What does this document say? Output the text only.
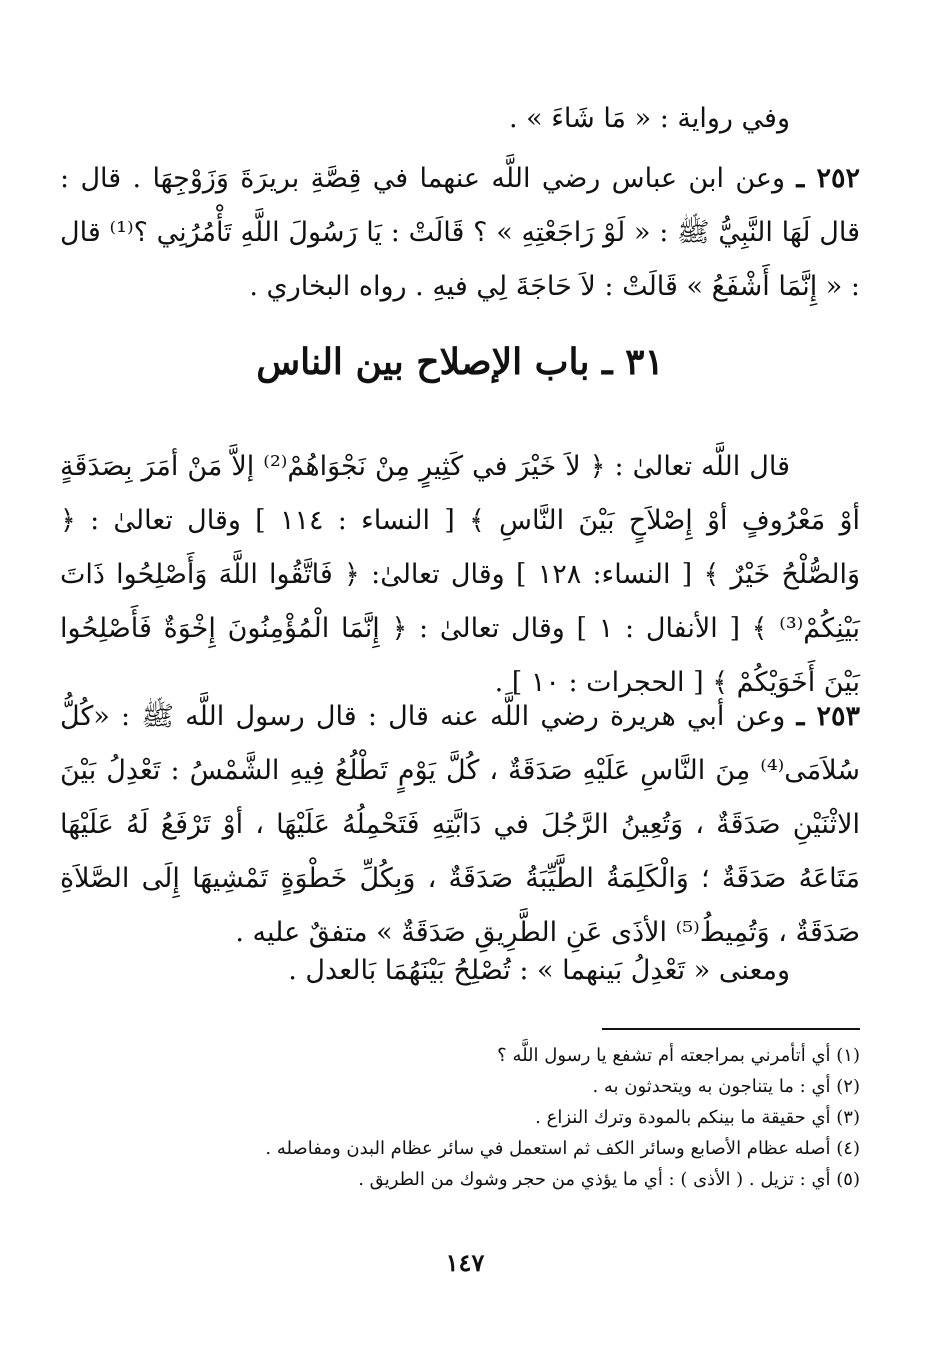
وفي رواية : « مَا شَاءَ » .
٢٥٢ ـ وعن ابن عباس رضي اللَّه عنهما في قِصَّةِ بريرَةَ وَزَوْجِهَا . قال : قال لَهَا النَّبِيُّ ﷺ : « لَوْ رَاجَعْتِهِ » ؟ قَالَتْ : يَا رَسُولَ اللَّهِ تَأْمُرُنِي ؟⁽¹⁾ قال : « إِنَّمَا أَشْفَعُ » قَالَتْ : لاَ حَاجَةَ لِي فيهِ . رواه البخاري .
٣١ ـ باب الإصلاح بين الناس
قال اللَّه تعالىٰ : ﴿ لاَ خَيْرَ في كَثِيرٍ مِنْ نَجْوَاهُمْ⁽²⁾ إلاَّ مَنْ أمَرَ بِصَدَقَةٍ أوْ مَعْرُوفٍ أوْ إِصْلاَحٍ بَيْنَ النَّاسِ ﴾ [ النساء : ١١٤ ] وقال تعالىٰ : ﴿ وَالصُّلْحُ خَيْرٌ ﴾ [ النساء: ١٢٨ ] وقال تعالىٰ: ﴿ فَاتَّقُوا اللَّهَ وَأَصْلِحُوا ذَاتَ بَيْنِكُمْ⁽³⁾ ﴾ [ الأنفال : ١ ] وقال تعالىٰ : ﴿ إِنَّمَا الْمُؤْمِنُونَ إِخْوَةٌ فَأَصْلِحُوا بَيْنَ أَخَوَيْكُمْ ﴾ [ الحجرات : ١٠ ] .
٢٥٣ ـ وعن أبي هريرة رضي اللَّه عنه قال : قال رسول اللَّه ﷺ : «كُلُّ سُلاَمَى⁽⁴⁾ مِنَ النَّاسِ عَلَيْهِ صَدَقَةٌ ، كُلَّ يَوْمٍ تَطْلُعُ فِيهِ الشَّمْسُ : تَعْدِلُ بَيْنَ الاثْنَيْنِ صَدَقَةٌ ، وَتُعِينُ الرَّجُلَ في دَابَّتِهِ فَتَحْمِلُهُ عَلَيْهَا ، أوْ تَرْفَعُ لَهُ عَلَيْهَا مَتَاعَهُ صَدَقَةٌ ؛ وَالْكَلِمَةُ الطَّيِّبَةُ صَدَقَةٌ ، وَبِكُلِّ خَطْوَةٍ تَمْشِيهَا إِلَى الصَّلاَةِ صَدَقَةٌ ، وَتُمِيطُ⁽⁵⁾ الأذَى عَنِ الطَّرِيقِ صَدَقَةٌ » متفقٌ عليه .
ومعنى « تَعْدِلُ بَينهما » : تُصْلِحُ بَيْنَهُمَا بَالعدل .
(١) أي أتأمرني بمراجعته أم تشفع يا رسول اللَّه ؟
(٢) أي : ما يتناجون به ويتحدثون به .
(٣) أي حقيقة ما بينكم بالمودة وترك النزاع .
(٤) أصله عظام الأصابع وسائر الكف ثم استعمل في سائر عظام البدن ومفاصله .
(٥) أي : تزيل . ( الأذى ) : أي ما يؤذي من حجر وشوك من الطريق .
١٤٧
